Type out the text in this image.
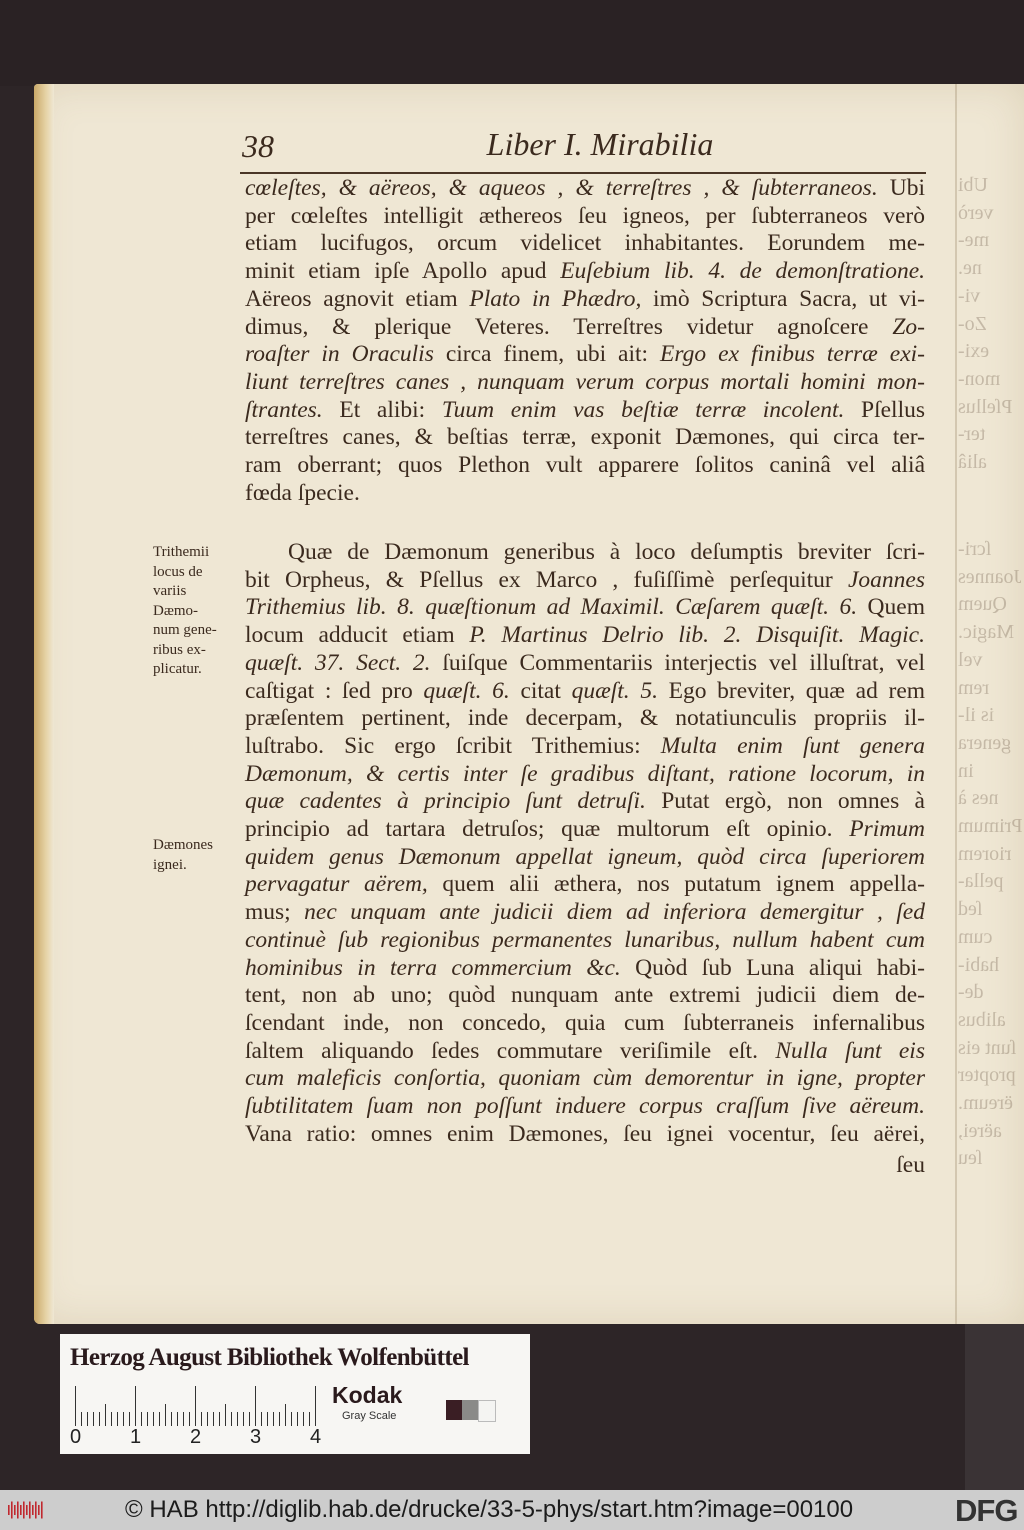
38	Liber I. Mirabilia
cœleſtes, & aëreos, & aqueos , & terreſtres , & ſubterraneos. Ubi
per cœleſtes intelligit æthereos ſeu igneos, per ſubterraneos verò
etiam lucifugos, orcum videlicet inhabitantes. Eorundem me-
minit etiam ipſe Apollo apud Euſebium lib. 4. de demonſtratione.
Aëreos agnovit etiam Plato in Phædro, imò Scriptura Sacra, ut vi-
dimus, & plerique Veteres. Terreſtres videtur agnoſcere Zo-
roaſter in Oraculis circa finem, ubi ait: Ergo ex finibus terræ exi-
liunt terreſtres canes , nunquam verum corpus mortali homini mon-
ſtrantes. Et alibi: Tuum enim vas beſtiæ terræ incolent. Pſellus
terreſtres canes, & beſtias terræ, exponit Dæmones, qui circa ter-
ram oberrant; quos Plethon vult apparere ſolitos caninâ vel aliâ
fœda ſpecie.
Quæ de Dæmonum generibus à loco deſumptis breviter ſcri-
bit Orpheus, & Pſellus ex Marco , fuſiſſimè perſequitur Joannes
Trithemius lib. 8. quæſtionum ad Maximil. Cæſarem quæſt. 6. Quem
locum adducit etiam P. Martinus Delrio lib. 2. Disquiſit. Magic.
quæſt. 37. Sect. 2. ſuiſque Commentariis interjectis vel illuſtrat, vel
caſtigat : ſed pro quæſt. 6. citat quæſt. 5. Ego breviter, quæ ad rem
præſentem pertinent, inde decerpam, & notatiunculis propriis il-
luſtrabo. Sic ergo ſcribit Trithemius: Multa enim ſunt genera
Dæmonum, & certis inter ſe gradibus diſtant, ratione locorum, in
quæ cadentes à principio ſunt detruſi. Putat ergò, non omnes à
principio ad tartara detruſos; quæ multorum eſt opinio. Primum
quidem genus Dæmonum appellat igneum, quòd circa ſuperiorem
pervagatur aërem, quem alii æthera, nos putatum ignem appella-
mus; nec unquam ante judicii diem ad inferiora demergitur , ſed
continuè ſub regionibus permanentes lunaribus, nullum habent cum
hominibus in terra commercium &c. Quòd ſub Luna aliqui habi-
tent, non ab uno; quòd nunquam ante extremi judicii diem de-
ſcendant inde, non concedo, quia cum ſubterraneis infernalibus
ſaltem aliquando ſedes commutare veriſimile eſt. Nulla ſunt eis
cum maleficis conſortia, quoniam cùm demorentur in igne, propter
ſubtilitatem ſuam non poſſunt induere corpus craſſum ſive aëreum.
Vana ratio: omnes enim Dæmones, ſeu ignei vocentur, ſeu aërei,
Trithemii
locus de
variis
Dæmo-
num gene-
ribus ex-
plicatur.
Dæmones
ignei.
Ubi
verò
me-
ne.
vi-
Zo-
exi-
mon-
Pſellus
ter-
aliâ
ſcri-
Joannes
Quem
Magic.
vel
rem
is il-
genera
in
nes à
Primum
riorem
pella-
ſed
cum
habi-
de-
alibus
ſunt eis
propter
ëreum.
aërei,
ſeu
ſeu
Herzog August Bibliothek Wolfenbüttel
Kodak
Gray Scale
0 1 2 3 4
© HAB http://diglib.hab.de/drucke/33-5-phys/start.htm?image=00100	DFG
